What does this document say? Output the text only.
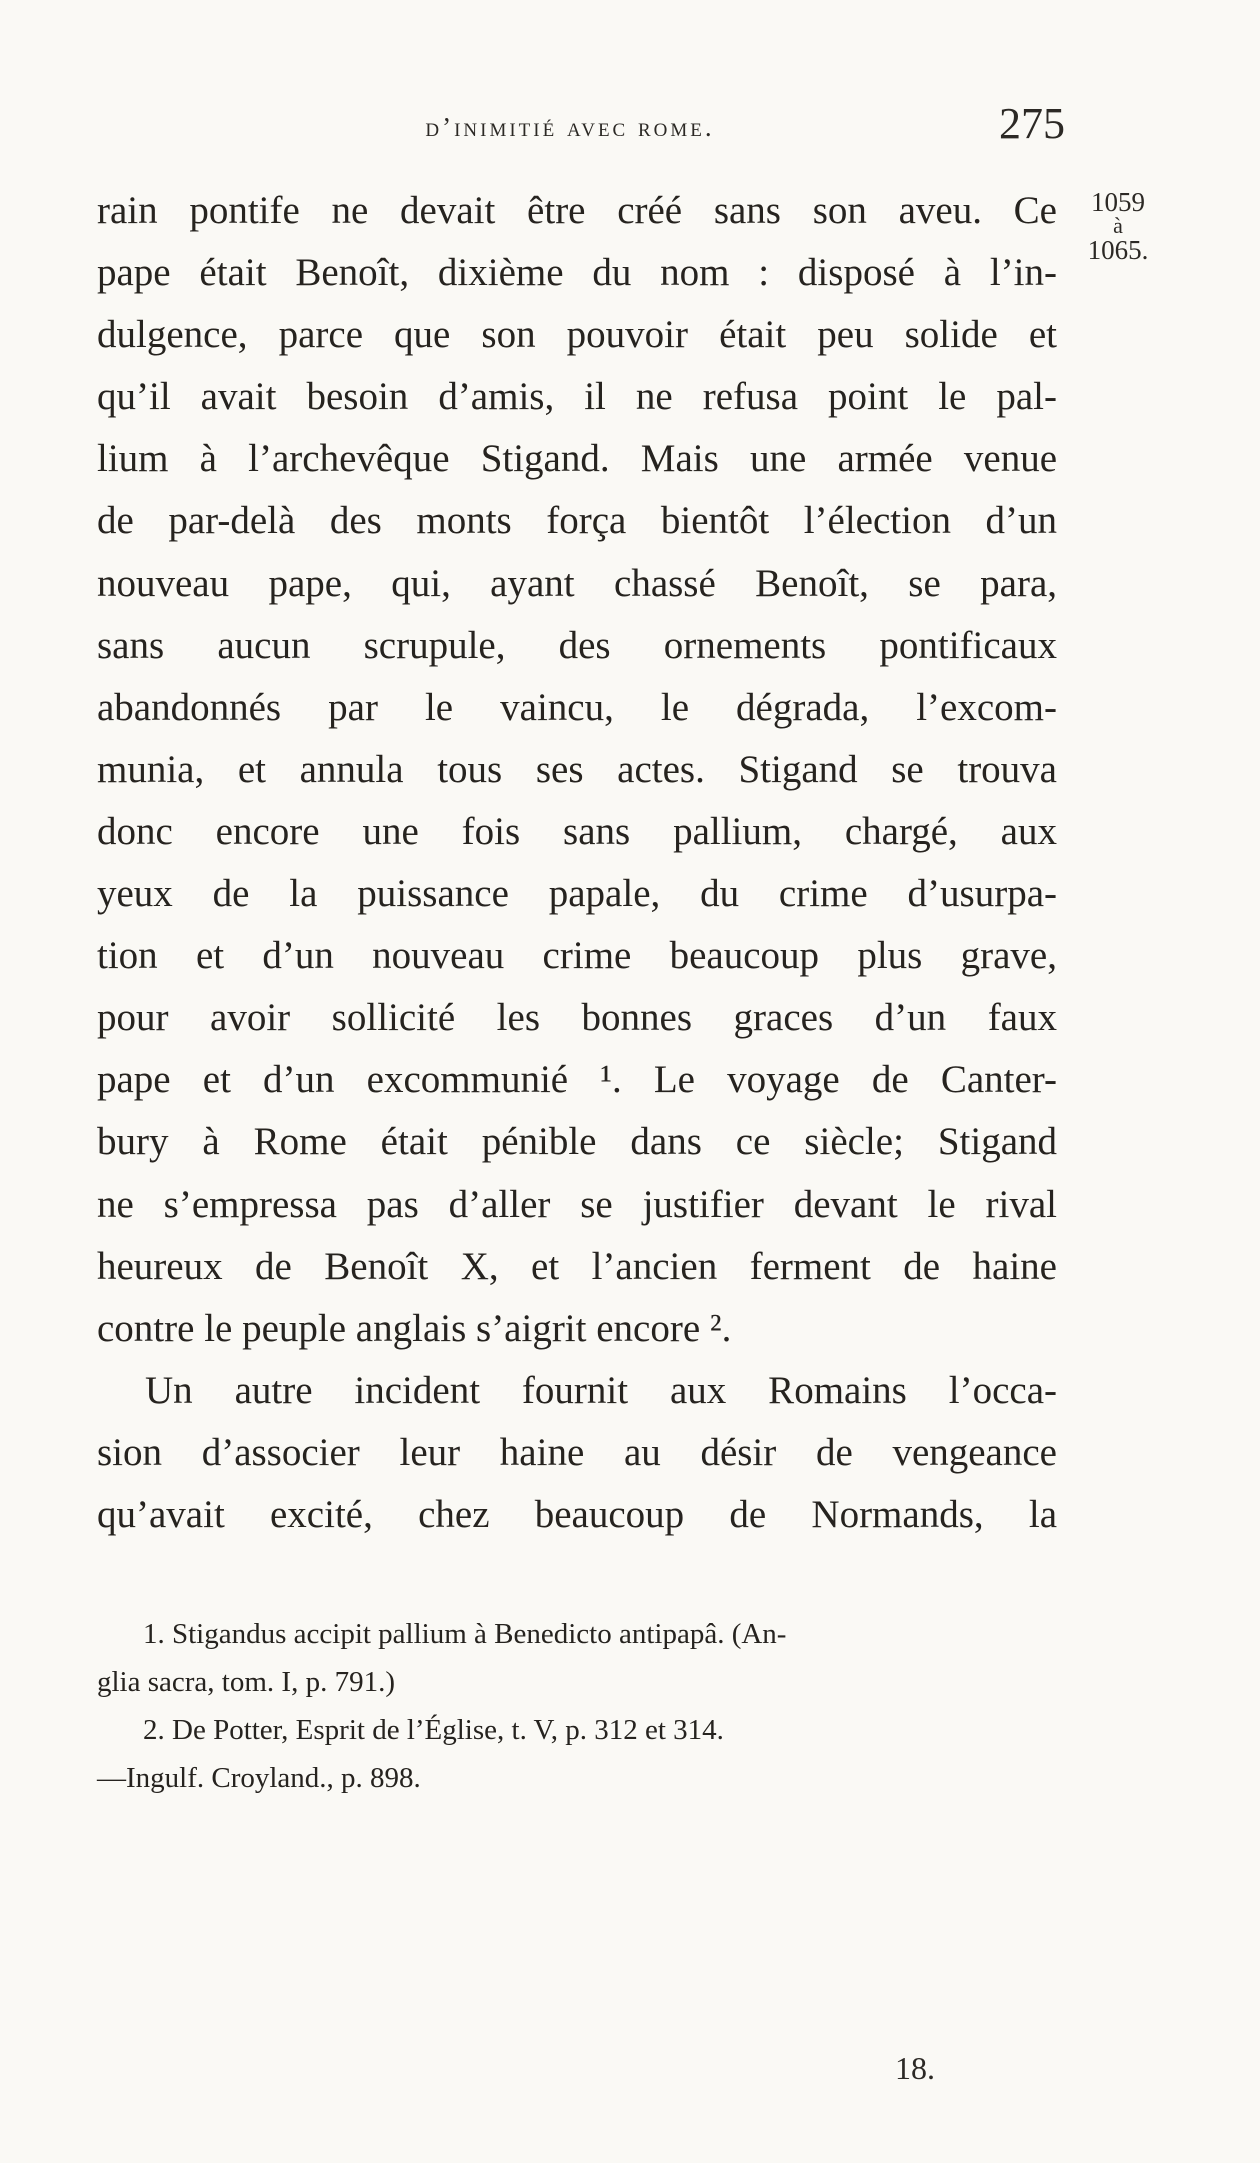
d’inimitié avec rome.	275
1059
à
1065.
rain pontife ne devait être créé sans son aveu. Ce
pape était Benoît, dixième du nom : disposé à l’in-
dulgence, parce que son pouvoir était peu solide et
qu’il avait besoin d’amis, il ne refusa point le pal-
lium à l’archevêque Stigand. Mais une armée venue
de par-delà des monts força bientôt l’élection d’un
nouveau pape, qui, ayant chassé Benoît, se para,
sans aucun scrupule, des ornements pontificaux
abandonnés par le vaincu, le dégrada, l’excom-
munia, et annula tous ses actes. Stigand se trouva
donc encore une fois sans pallium, chargé, aux
yeux de la puissance papale, du crime d’usurpa-
tion et d’un nouveau crime beaucoup plus grave,
pour avoir sollicité les bonnes graces d’un faux
pape et d’un excommunié ¹. Le voyage de Canter-
bury à Rome était pénible dans ce siècle; Stigand
ne s’empressa pas d’aller se justifier devant le rival
heureux de Benoît X, et l’ancien ferment de haine
contre le peuple anglais s’aigrit encore ².
Un autre incident fournit aux Romains l’occa-
sion d’associer leur haine au désir de vengeance
qu’avait excité, chez beaucoup de Normands, la
1. Stigandus accipit pallium à Benedicto antipapâ. (An-
glia sacra, tom. I, p. 791.)
2. De Potter, Esprit de l’Église, t. V, p. 312 et 314.
—Ingulf. Croyland., p. 898.
18.
